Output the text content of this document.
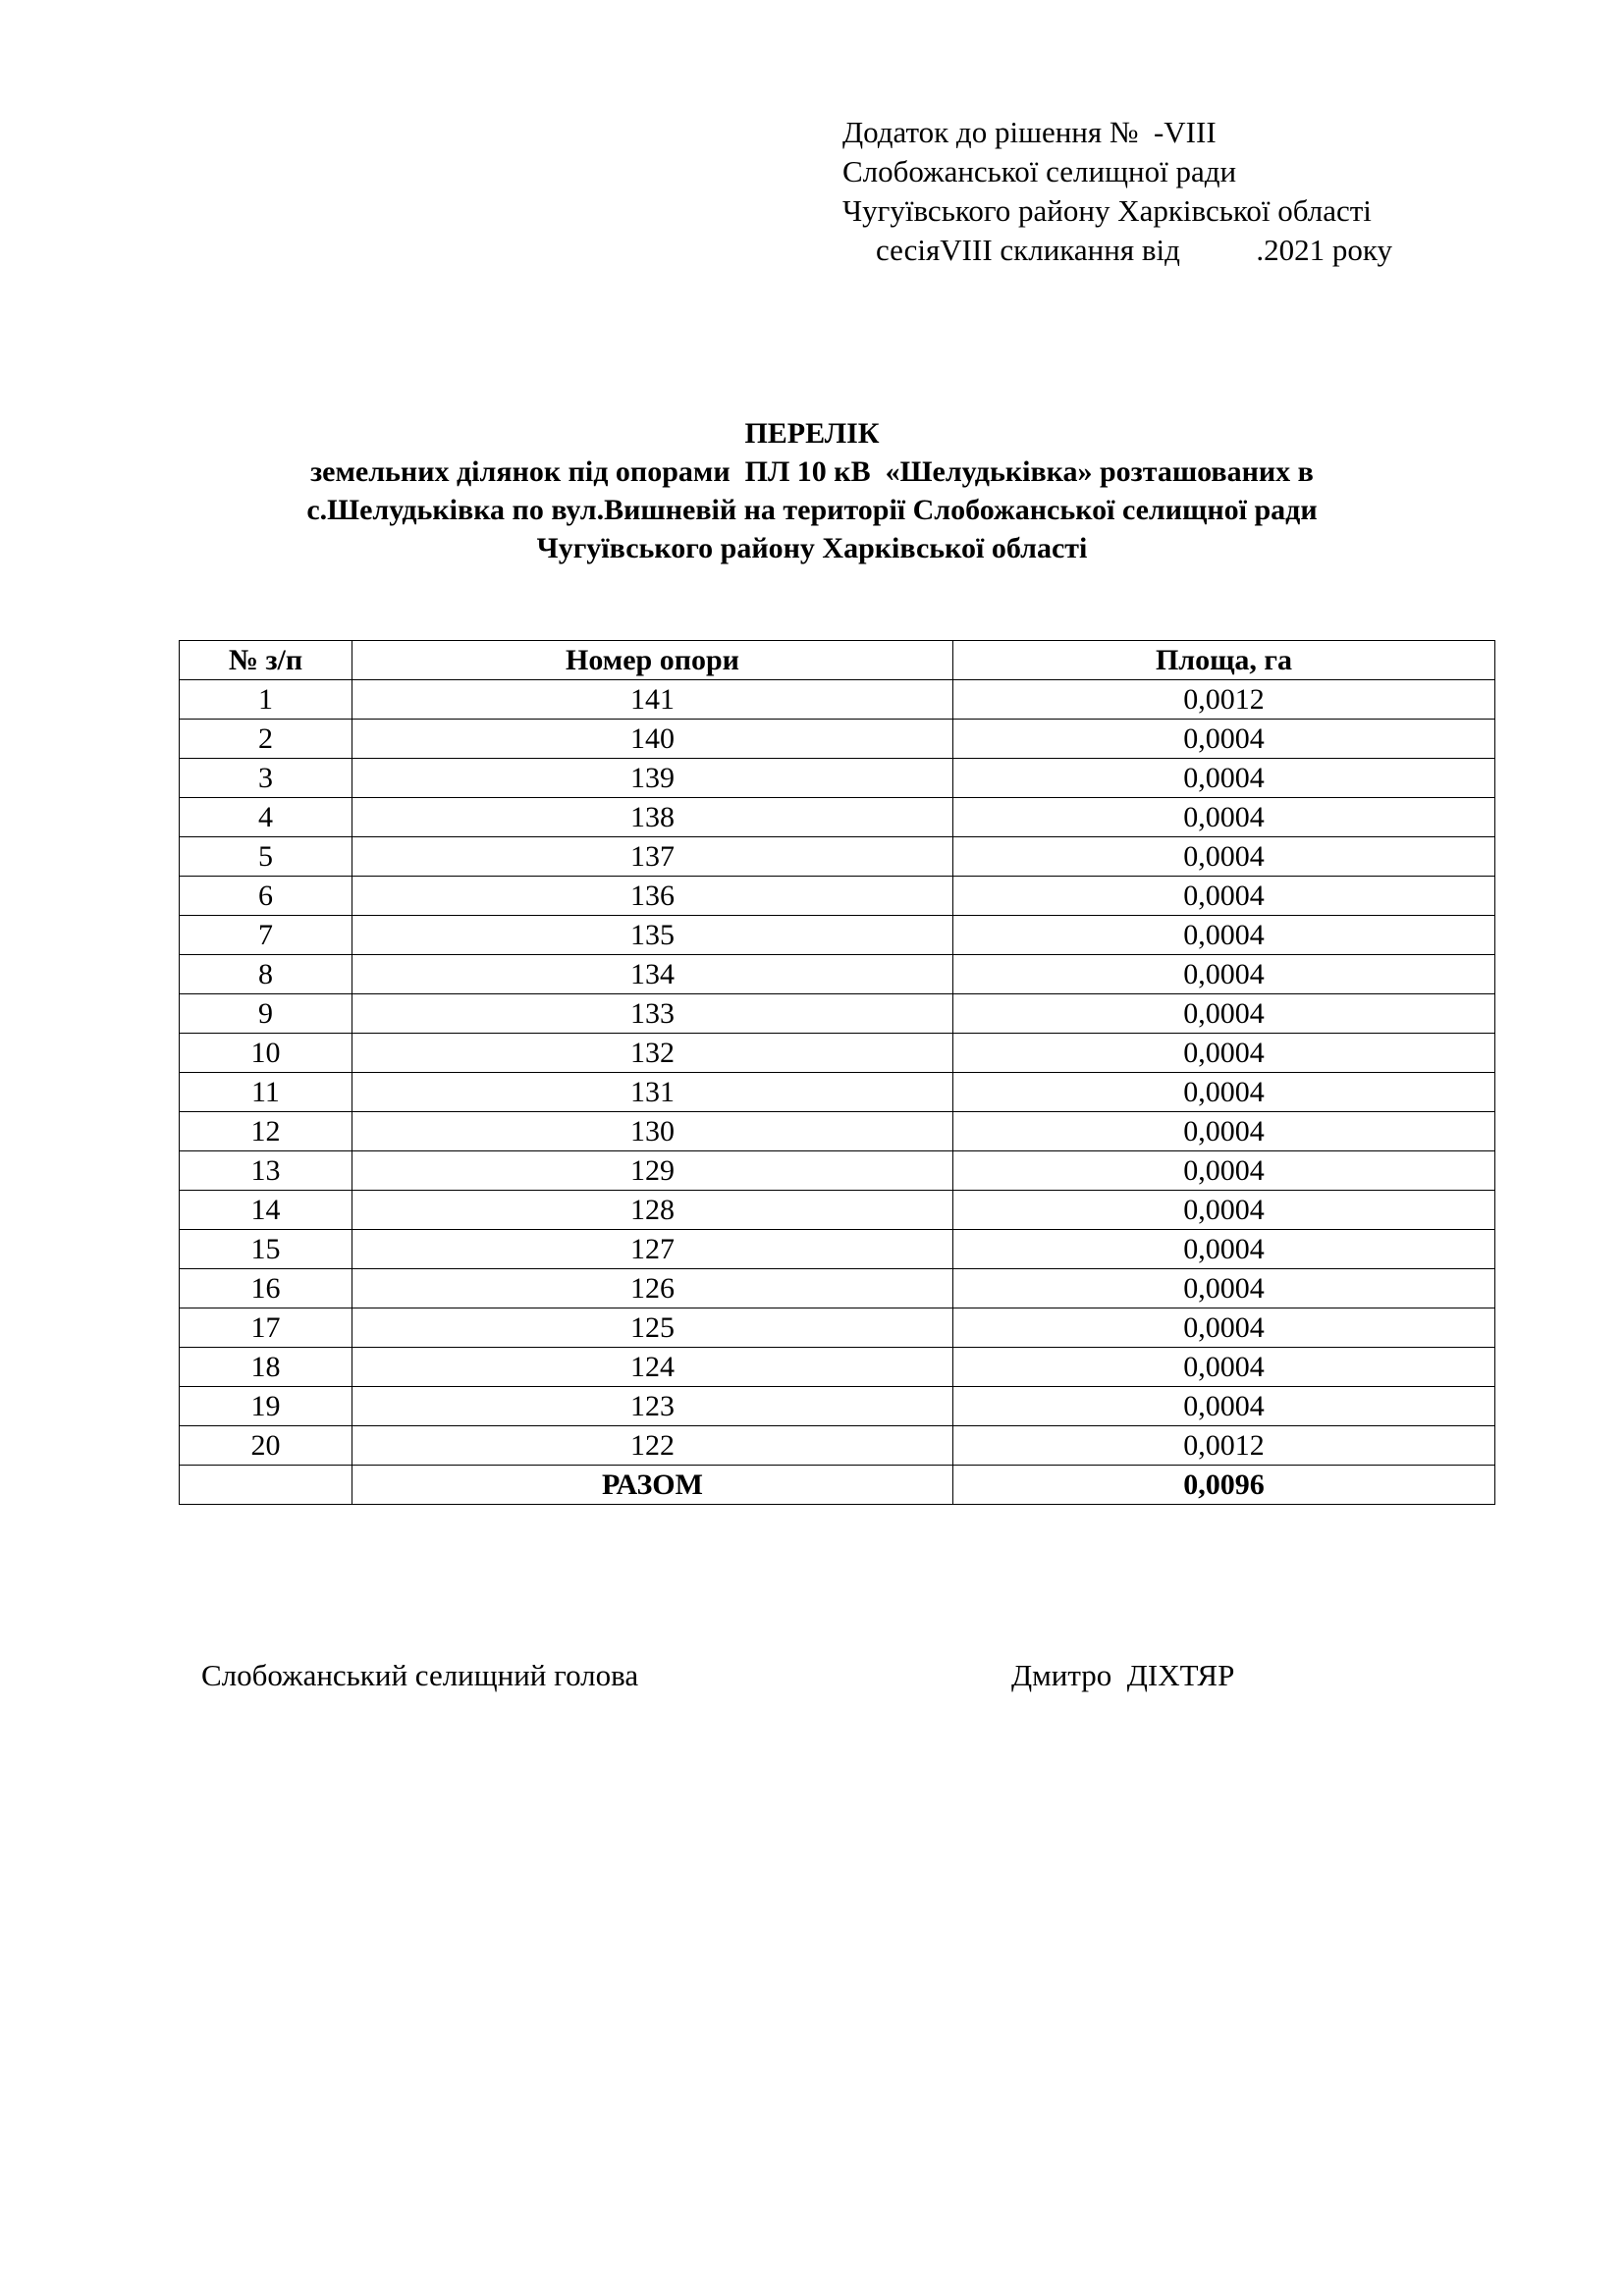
Додаток до рішення №  -VIII
Слобожанської селищної ради
Чугуївського району Харківської області
сесіяVIII скликання від          .2021 року
ПЕРЕЛІК
земельних ділянок під опорами  ПЛ 10 кВ  «Шелудьківка» розташованих в
с.Шелудьківка по вул.Вишневій на території Слобожанської селищної ради
Чугуївського району Харківської області
№ з/п	Номер опори	Площа, га
1	141	0,0012
2	140	0,0004
3	139	0,0004
4	138	0,0004
5	137	0,0004
6	136	0,0004
7	135	0,0004
8	134	0,0004
9	133	0,0004
10	132	0,0004
11	131	0,0004
12	130	0,0004
13	129	0,0004
14	128	0,0004
15	127	0,0004
16	126	0,0004
17	125	0,0004
18	124	0,0004
19	123	0,0004
20	122	0,0012
	РАЗОМ	0,0096
Слобожанський селищний голова	Дмитро  ДІХТЯР
